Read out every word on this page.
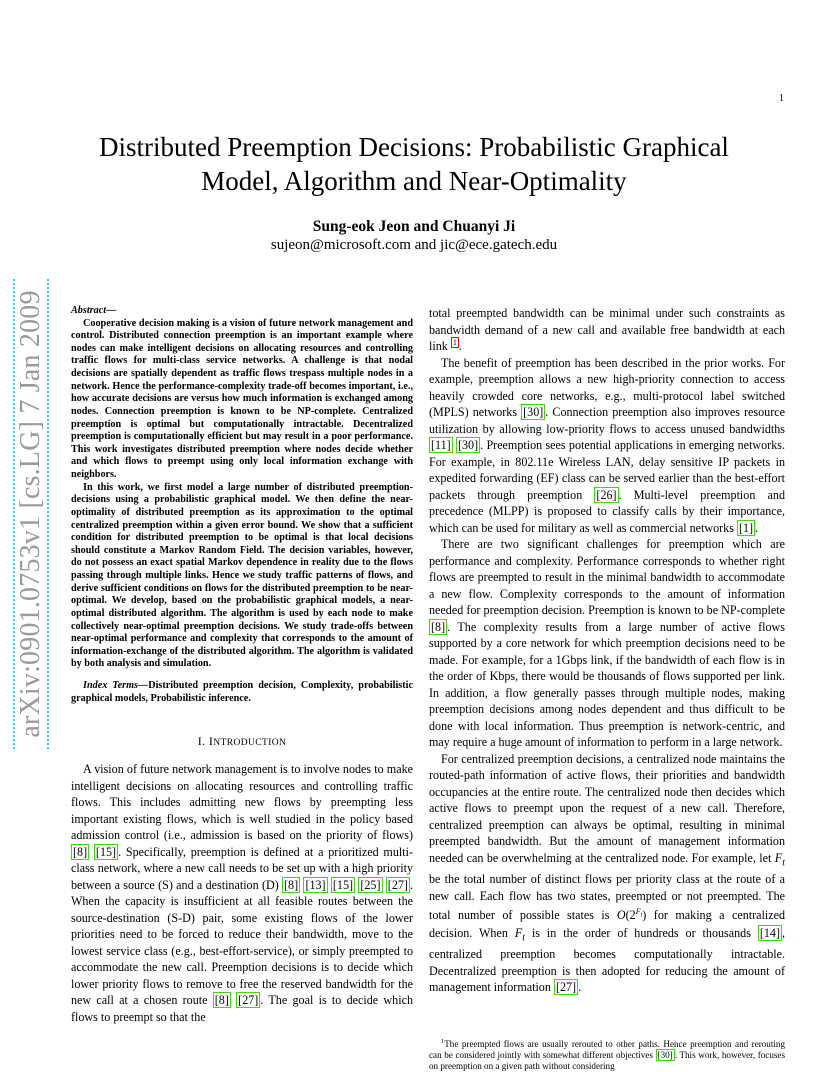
1
arXiv:0901.0753v1 [cs.LG] 7 Jan 2009
Distributed Preemption Decisions: Probabilistic Graphical Model, Algorithm and Near-Optimality
Sung-eok Jeon and Chuanyi Ji
sujeon@microsoft.com and jic@ece.gatech.edu

Abstract—

Cooperative decision making is a vision of future network management and control. Distributed connection preemption is an important example where nodes can make intelligent decisions on allocating resources and controlling traffic flows for multi-class service networks. A challenge is that nodal decisions are spatially dependent as traffic flows trespass multiple nodes in a network. Hence the performance-complexity trade-off becomes important, i.e., how accurate decisions are versus how much information is exchanged among nodes. Connection preemption is known to be NP-complete. Centralized preemption is optimal but computationally intractable. Decentralized preemption is computationally efficient but may result in a poor performance. This work investigates distributed preemption where nodes decide whether and which flows to preempt using only local information exchange with neighbors.

In this work, we first model a large number of distributed preemption-decisions using a probabilistic graphical model. We then define the near-optimality of distributed preemption as its approximation to the optimal centralized preemption within a given error bound. We show that a sufficient condition for distributed preemption to be optimal is that local decisions should constitute a Markov Random Field. The decision variables, however, do not possess an exact spatial Markov dependence in reality due to the flows passing through multiple links. Hence we study traffic patterns of flows, and derive sufficient conditions on flows for the distributed preemption to be near-optimal. We develop, based on the probabilistic graphical models, a near-optimal distributed algorithm. The algorithm is used by each node to make collectively near-optimal preemption decisions. We study trade-offs between near-optimal performance and complexity that corresponds to the amount of information-exchange of the distributed algorithm. The algorithm is validated by both analysis and simulation.

Index Terms—Distributed preemption decision, Complexity, probabilistic graphical models, Probabilistic inference.

I. INTRODUCTION

A vision of future network management is to involve nodes to make intelligent decisions on allocating resources and controlling traffic flows. This includes admitting new flows by preempting less important existing flows, which is well studied in the policy based admission control (i.e., admission is based on the priority of flows) [8] [15] . Specifically, preemption is defined at a prioritized multi-class network, where a new call needs to be set up with a high priority between a source (S) and a destination (D) [8] [13] [15] [25] [27] . When the capacity is insufficient at all feasible routes between the source-destination (S-D) pair, some existing flows of the lower priorities need to be forced to reduce their bandwidth, move to the lowest service class (e.g., best-effort-service), or simply preempted to accommodate the new call. Preemption decisions is to decide which lower priority flows to remove to free the reserved bandwidth for the new call at a chosen route [8] [27] . The goal is to decide which flows to preempt so that the

total preempted bandwidth can be minimal under such constraints as bandwidth demand of a new call and available free bandwidth at each link $^1$ .

The benefit of preemption has been described in the prior works. For example, preemption allows a new high-priority connection to access heavily crowded core networks, e.g., multi-protocol label switched (MPLS) networks [30] . Connection preemption also improves resource utilization by allowing low-priority flows to access unused bandwidths [11] [30] . Preemption sees potential applications in emerging networks. For example, in 802.11e Wireless LAN, delay sensitive IP packets in expedited forwarding (EF) class can be served earlier than the best-effort packets through preemption [26] . Multi-level preemption and precedence (MLPP) is proposed to classify calls by their importance, which can be used for military as well as commercial networks [1] .

There are two significant challenges for preemption which are performance and complexity. Performance corresponds to whether right flows are preempted to result in the minimal bandwidth to accommodate a new flow. Complexity corresponds to the amount of information needed for preemption decision. Preemption is known to be NP-complete [8] . The complexity results from a large number of active flows supported by a core network for which preemption decisions need to be made. For example, for a 1Gbps link, if the bandwidth of each flow is in the order of Kbps, there would be thousands of flows supported per link. In addition, a flow generally passes through multiple nodes, making preemption decisions among nodes dependent and thus difficult to be done with local information. Thus preemption is network-centric, and may require a huge amount of information to perform in a large network.

For centralized preemption decisions, a centralized node maintains the routed-path information of active flows, their priorities and bandwidth occupancies at the entire route. The centralized node then decides which active flows to preempt upon the request of a new call. Therefore, centralized preemption can always be optimal, resulting in minimal preempted bandwidth. But the amount of management information needed can be overwhelming at the centralized node. For example, let $F_t$ be the total number of distinct flows per priority class at the route of a new call. Each flow has two states, preempted or not preempted. The total number of possible states is $O(2^{F_t})$ for making a centralized decision. When $F_t$ is in the order of hundreds or thousands [14] , centralized preemption becomes computationally intractable. Decentralized preemption is then adopted for reducing the amount of management information [27] .

$^1$The preempted flows are usually rerouted to other paths. Hence preemption and rerouting can be considered jointly with somewhat different objectives [30] . This work, however, focuses on preemption on a given path without considering
